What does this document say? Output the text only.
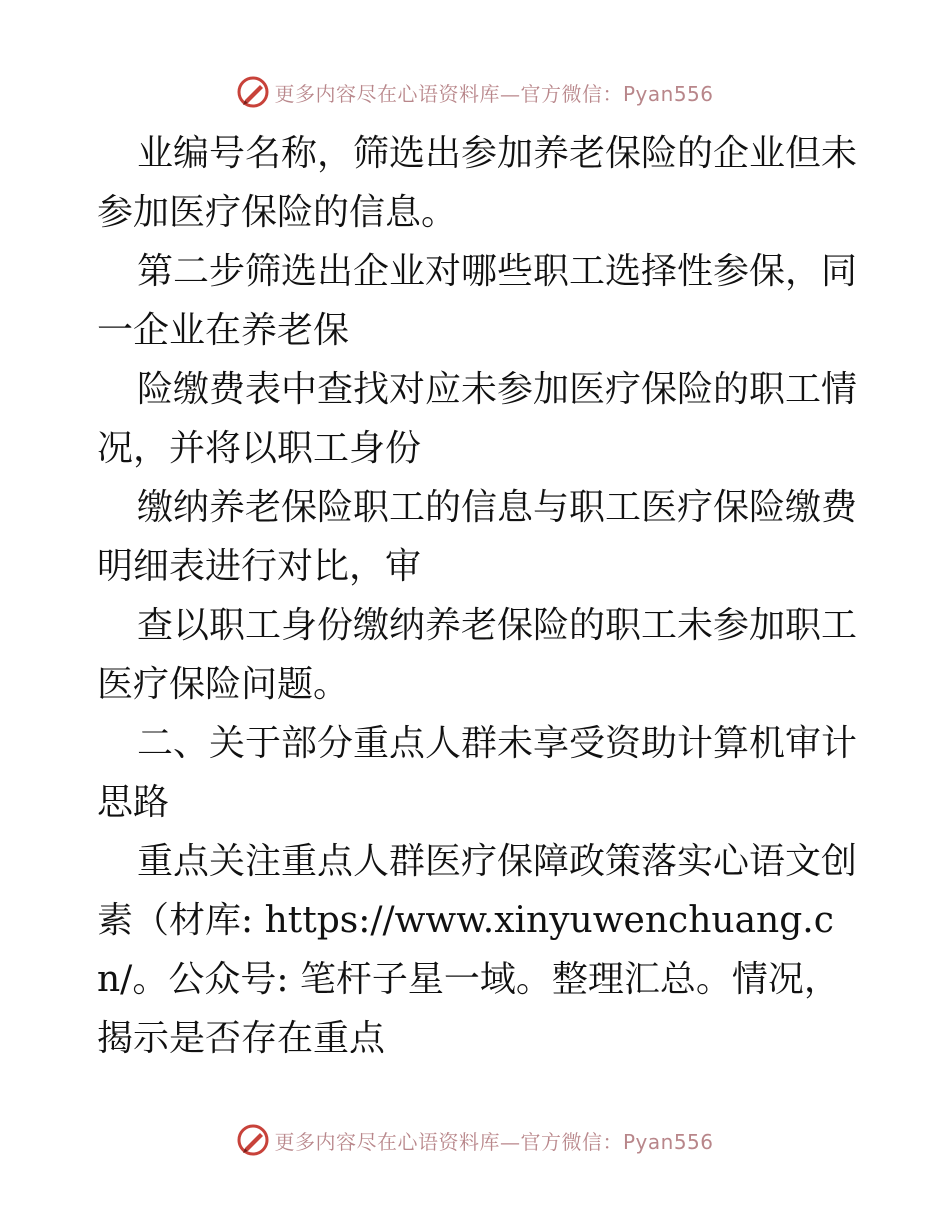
更多内容尽在心语资料库—官方微信：Pyan556

业编号名称，筛选出参加养老保险的企业但未参加医疗保险的信息。

第二步筛选出企业对哪些职工选择性参保，同一企业在养老保

险缴费表中查找对应未参加医疗保险的职工情况，并将以职工身份

缴纳养老保险职工的信息与职工医疗保险缴费明细表进行对比，审

查以职工身份缴纳养老保险的职工未参加职工医疗保险问题。

二、关于部分重点人群未享受资助计算机审计思路

重点关注重点人群医疗保障政策落实心语文创素（材库: https://www.xinyuwenchuang.cn/。公众号: 笔杆子星一域。整理汇总。情况，揭示是否存在重点

更多内容尽在心语资料库—官方微信：Pyan556
